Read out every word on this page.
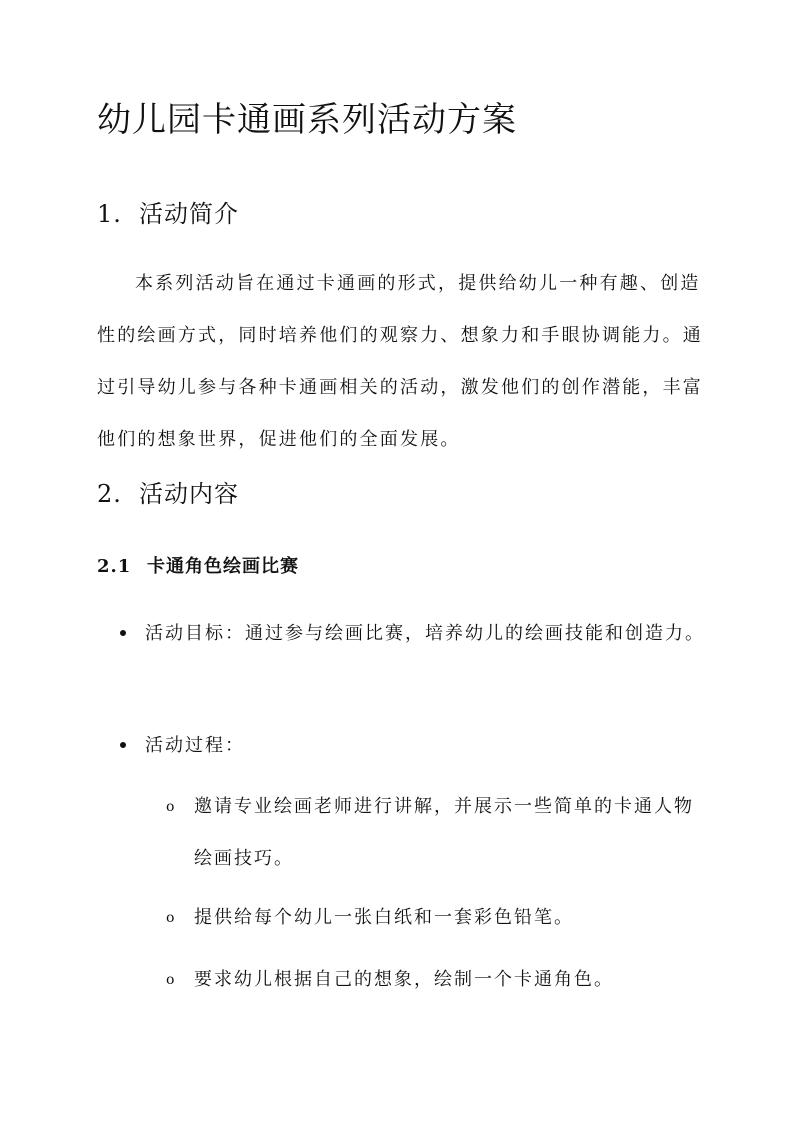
幼儿园卡通画系列活动方案
1. 活动简介

本系列活动旨在通过卡通画的形式，提供给幼儿一种有趣、创造性的绘画方式，同时培养他们的观察力、想象力和手眼协调能力。通过引导幼儿参与各种卡通画相关的活动，激发他们的创作潜能，丰富他们的想象世界，促进他们的全面发展。

2. 活动内容
2.1 卡通角色绘画比赛
活动目标：通过参与绘画比赛，培养幼儿的绘画技能和创造力。
活动过程：
o 邀请专业绘画老师进行讲解，并展示一些简单的卡通人物绘画技巧。
o 提供给每个幼儿一张白纸和一套彩色铅笔。
o 要求幼儿根据自己的想象，绘制一个卡通角色。
